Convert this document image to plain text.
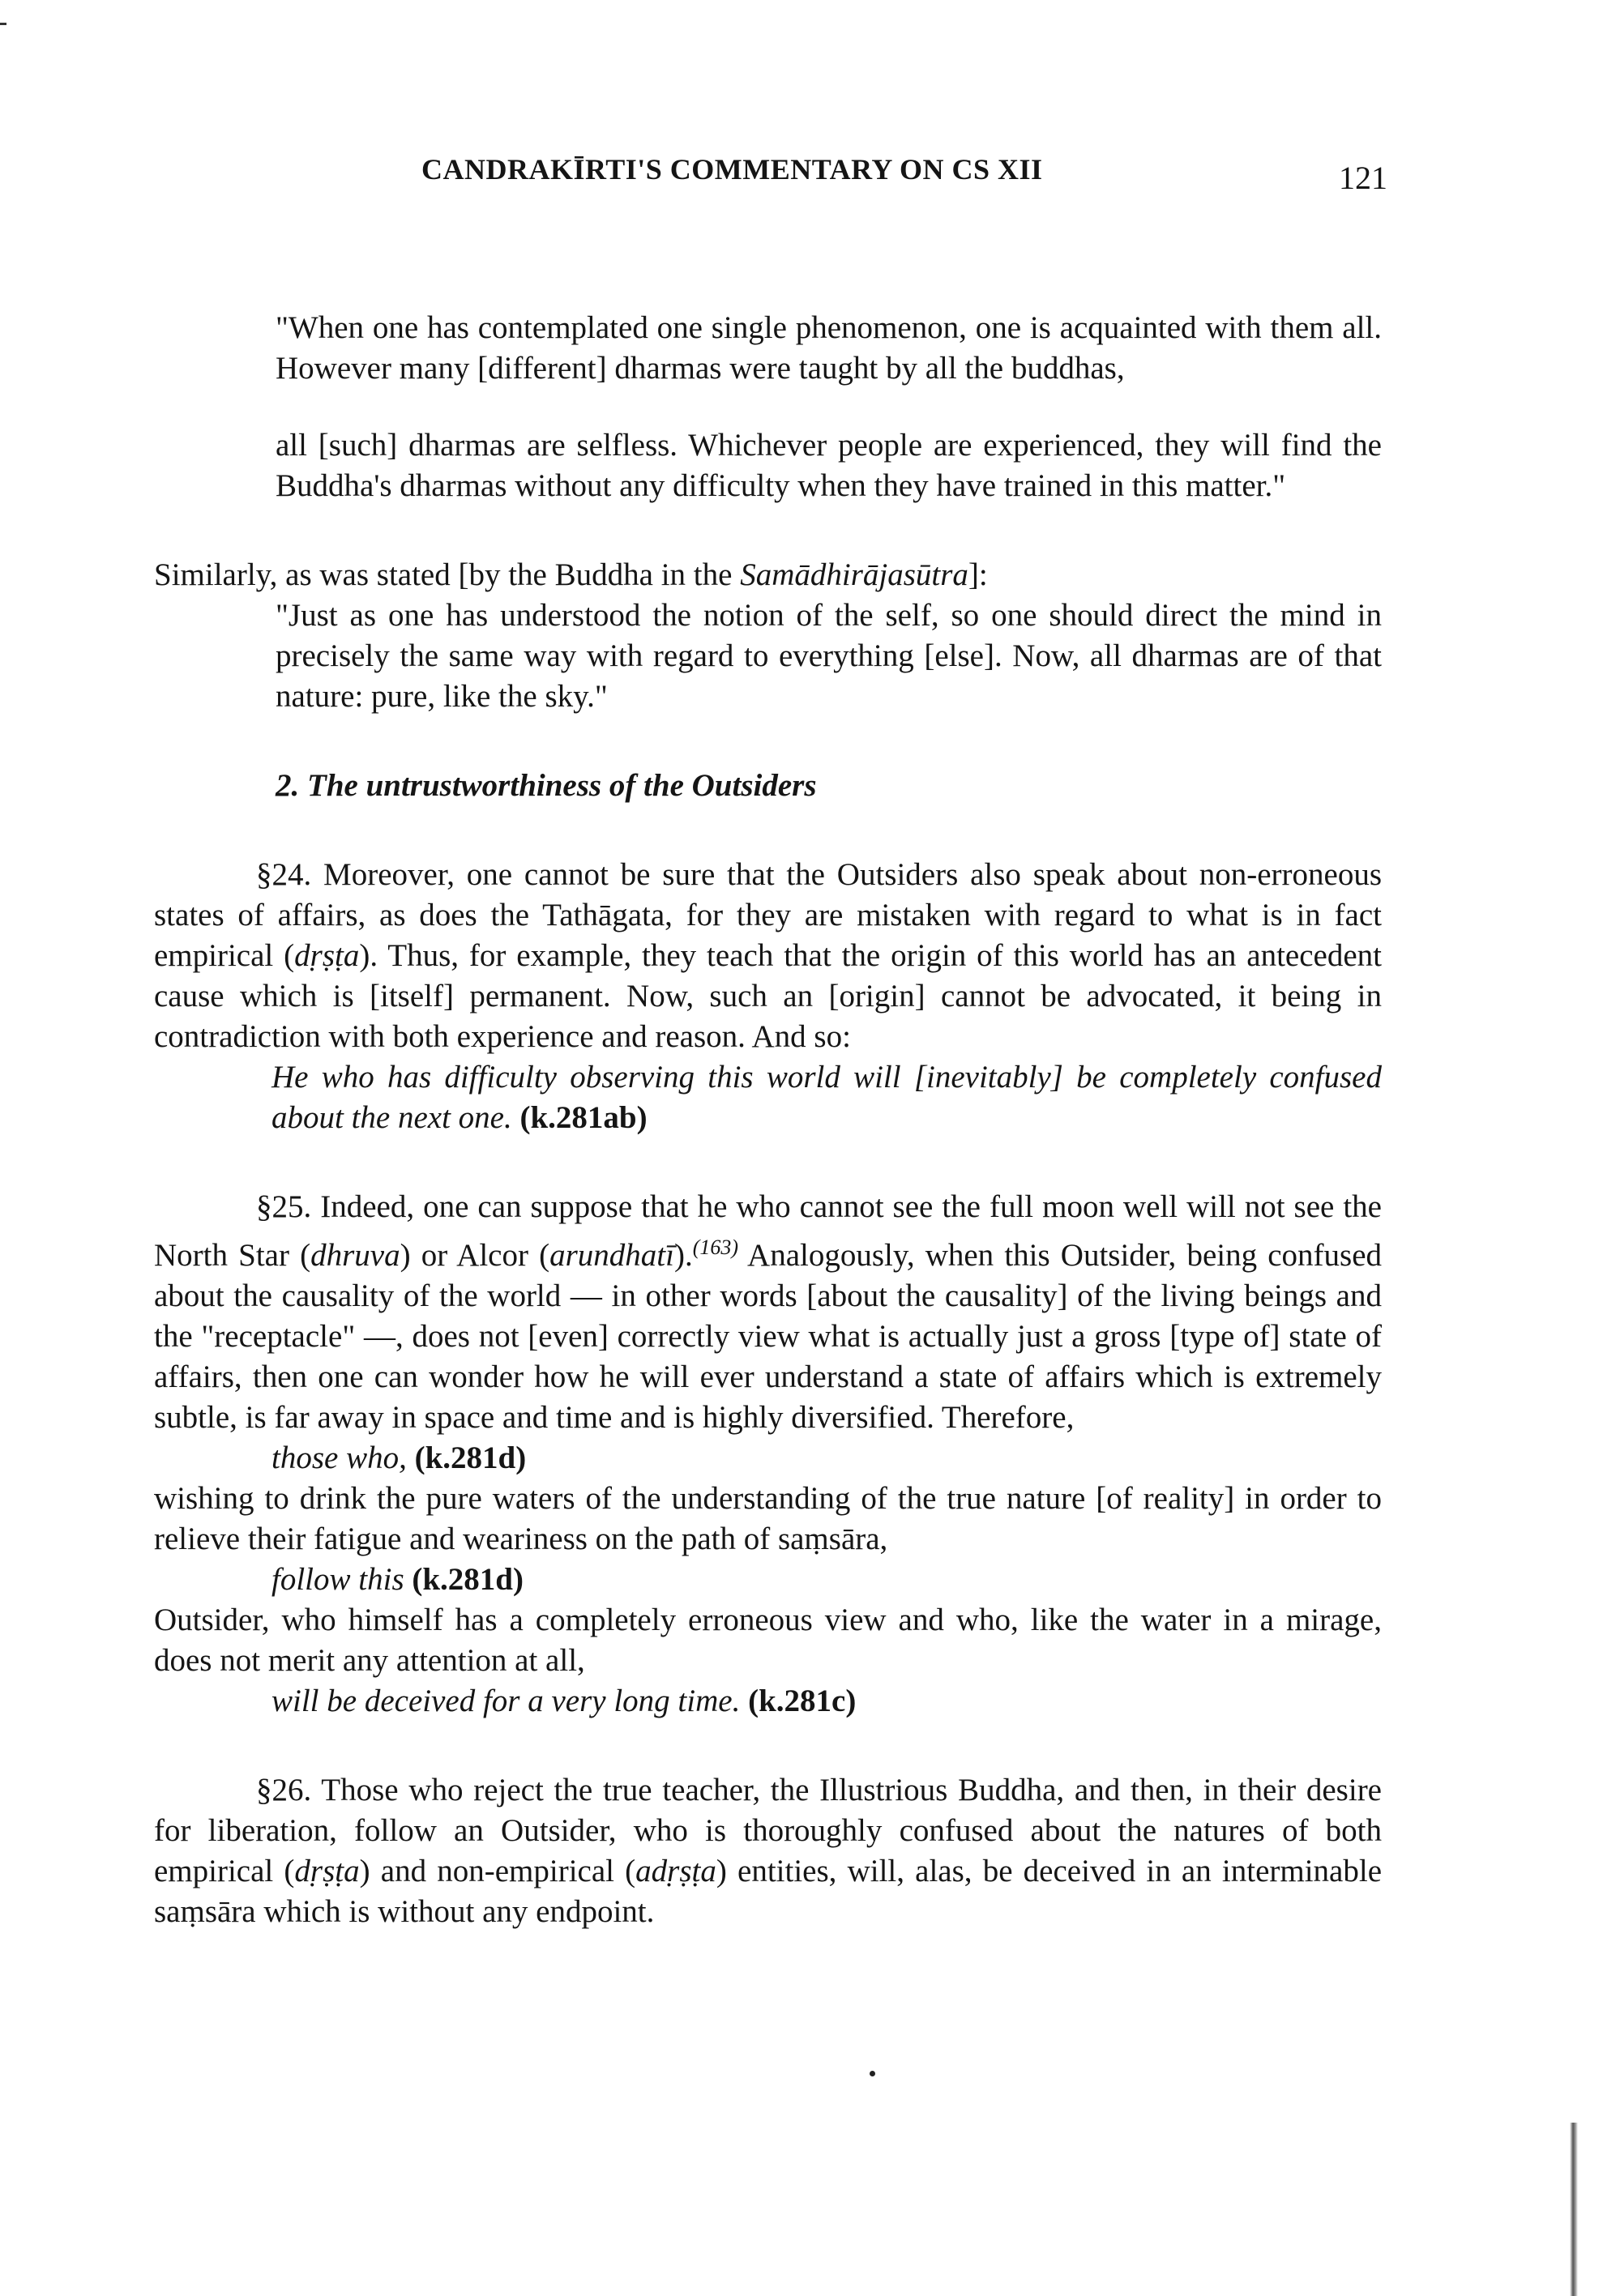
CANDRAKĪRTI'S COMMENTARY ON CS XII	121

"When one has contemplated one single phenomenon, one is acquainted with them all. However many [different] dharmas were taught by all the buddhas,

all [such] dharmas are selfless. Whichever people are experienced, they will find the Buddha's dharmas without any difficulty when they have trained in this matter."

Similarly, as was stated [by the Buddha in the Samādhirājasūtra]:

"Just as one has understood the notion of the self, so one should direct the mind in precisely the same way with regard to everything [else]. Now, all dharmas are of that nature: pure, like the sky."

2. The untrustworthiness of the Outsiders

§24. Moreover, one cannot be sure that the Outsiders also speak about non-erroneous states of affairs, as does the Tathāgata, for they are mistaken with regard to what is in fact empirical (dṛṣṭa). Thus, for example, they teach that the origin of this world has an antecedent cause which is [itself] permanent. Now, such an [origin] cannot be advocated, it being in contradiction with both experience and reason. And so:

He who has difficulty observing this world will [inevitably] be completely confused about the next one. (k.281ab)

§25. Indeed, one can suppose that he who cannot see the full moon well will not see the North Star (dhruva) or Alcor (arundhatī).$^{(163)}$ Analogously, when this Outsider, being confused about the causality of the world — in other words [about the causality] of the living beings and the "receptacle" —, does not [even] correctly view what is actually just a gross [type of] state of affairs, then one can wonder how he will ever understand a state of affairs which is extremely subtle, is far away in space and time and is highly diversified. Therefore,

those who, (k.281d)

wishing to drink the pure waters of the understanding of the true nature [of reality] in order to relieve their fatigue and weariness on the path of saṃsāra,

follow this (k.281d)

Outsider, who himself has a completely erroneous view and who, like the water in a mirage, does not merit any attention at all,

will be deceived for a very long time. (k.281c)

§26. Those who reject the true teacher, the Illustrious Buddha, and then, in their desire for liberation, follow an Outsider, who is thoroughly confused about the natures of both empirical (dṛṣṭa) and non-empirical (adṛṣṭa) entities, will, alas, be deceived in an interminable saṃsāra which is without any endpoint.
